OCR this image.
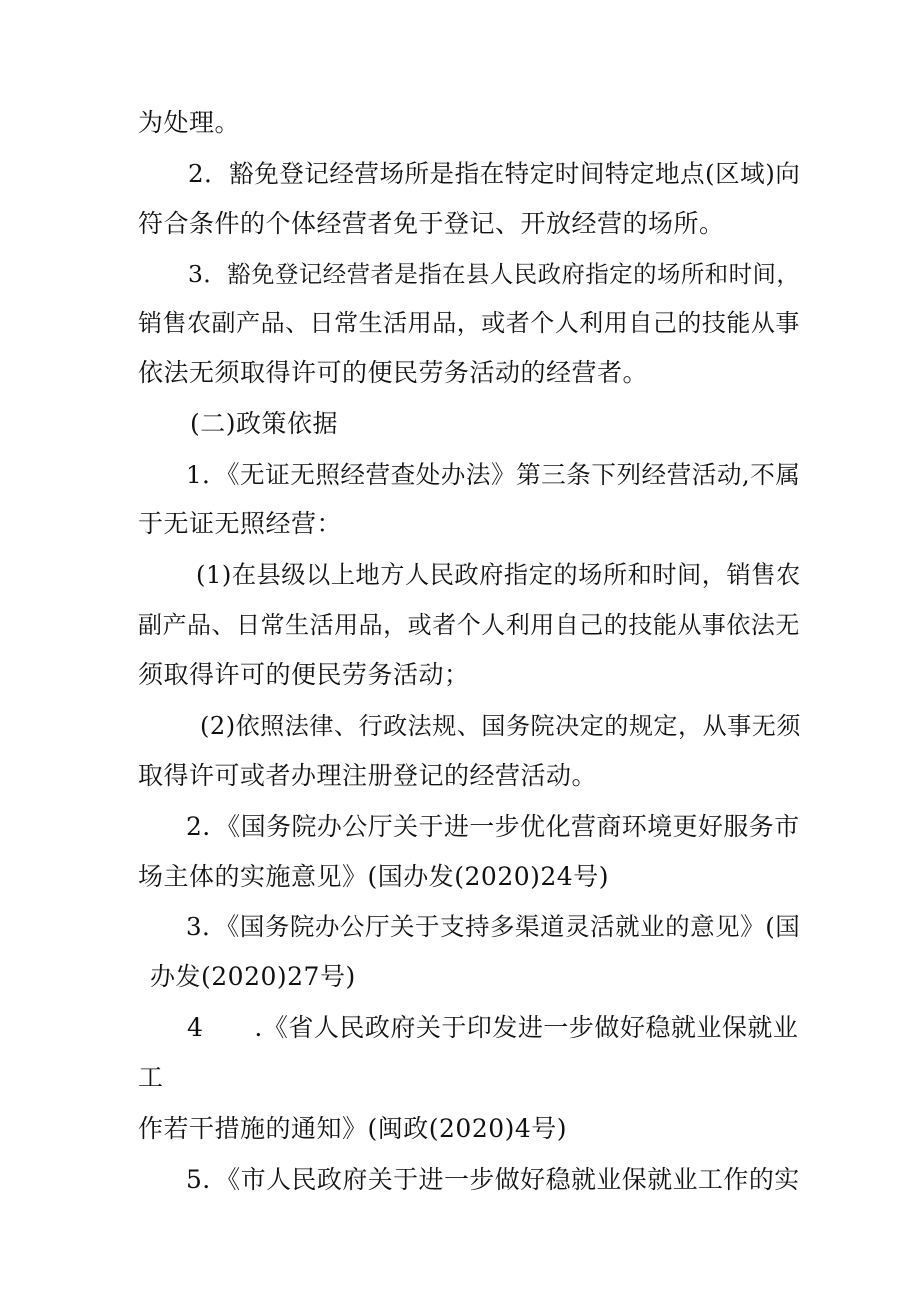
为处理。
2．豁免登记经营场所是指在特定时间特定地点(区域)向
符合条件的个体经营者免于登记、开放经营的场所。
3．豁免登记经营者是指在县人民政府指定的场所和时间，
销售农副产品、日常生活用品，或者个人利用自己的技能从事
依法无须取得许可的便民劳务活动的经营者。
(二)政策依据
1．《无证无照经营查处办法》第三条下列经营活动,不属
于无证无照经营：
(1)在县级以上地方人民政府指定的场所和时间，销售农
副产品、日常生活用品，或者个人利用自己的技能从事依法无
须取得许可的便民劳务活动；
(2)依照法律、行政法规、国务院决定的规定，从事无须
取得许可或者办理注册登记的经营活动。
2．《国务院办公厅关于进一步优化营商环境更好服务市
场主体的实施意见》(国办发(2020)24号)
3．《国务院办公厅关于支持多渠道灵活就业的意见》(国
办发(2020)27号)
4　　.《省人民政府关于印发进一步做好稳就业保就业
工
作若干措施的通知》(闽政(2020)4号)
5．《市人民政府关于进一步做好稳就业保就业工作的实
